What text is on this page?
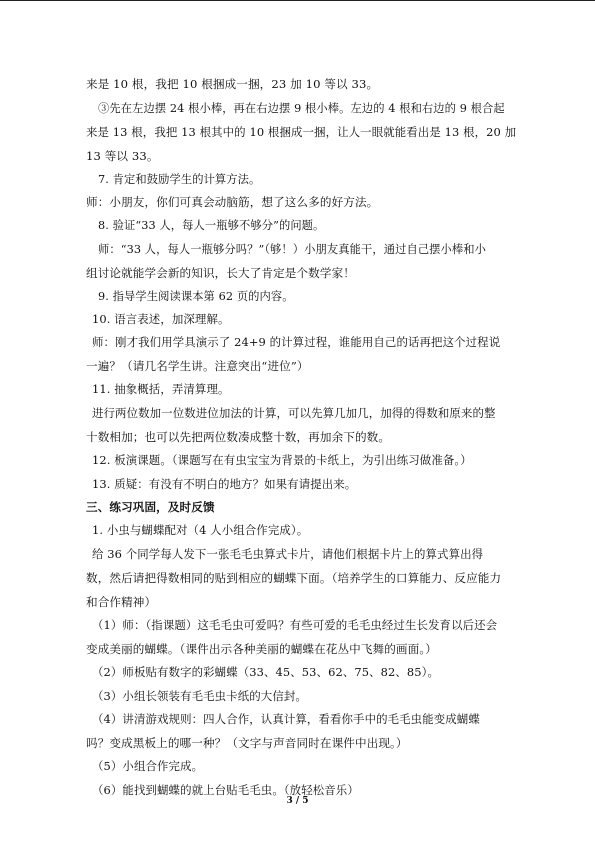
来是 10 根，我把 10 根捆成一捆，23 加 10 等以 33。
③先在左边摆 24 根小棒，再在右边摆 9 根小棒。左边的 4 根和右边的 9 根合起
来是 13 根，我把 13 根其中的 10 根捆成一捆，让人一眼就能看出是 13 根，20 加
13 等以 33。
7. 肯定和鼓励学生的计算方法。
师：小朋友，你们可真会动脑筋，想了这么多的好方法。
8. 验证“33 人，每人一瓶够不够分”的问题。
师：“33 人，每人一瓶够分吗？”（够！）小朋友真能干，通过自己摆小棒和小
组讨论就能学会新的知识，长大了肯定是个数学家！
9. 指导学生阅读课本第 62 页的内容。
10. 语言表述，加深理解。
师：刚才我们用学具演示了 24+9 的计算过程，谁能用自己的话再把这个过程说
一遍？（请几名学生讲。注意突出“进位”）
11. 抽象概括，弄清算理。
进行两位数加一位数进位加法的计算，可以先算几加几，加得的得数和原来的整
十数相加；也可以先把两位数凑成整十数，再加余下的数。
12. 板演课题。（课题写在有虫宝宝为背景的卡纸上，为引出练习做准备。）
13. 质疑：有没有不明白的地方？如果有请提出来。
三、练习巩固，及时反馈
1. 小虫与蝴蝶配对（4 人小组合作完成）。
给 36 个同学每人发下一张毛毛虫算式卡片，请他们根据卡片上的算式算出得
数，然后请把得数相同的贴到相应的蝴蝶下面。（培养学生的口算能力、反应能力
和合作精神）
（1）师：（指课题）这毛毛虫可爱吗？有些可爱的毛毛虫经过生长发育以后还会
变成美丽的蝴蝶。（课件出示各种美丽的蝴蝶在花丛中飞舞的画面。）
（2）师板贴有数字的彩蝴蝶（33、45、53、62、75、82、85）。
（3）小组长领装有毛毛虫卡纸的大信封。
（4）讲清游戏规则：四人合作，认真计算，看看你手中的毛毛虫能变成蝴蝶
吗？变成黑板上的哪一种？（文字与声音同时在课件中出现。）
（5）小组合作完成。
（6）能找到蝴蝶的就上台贴毛毛虫。（放轻松音乐）
3 / 5
